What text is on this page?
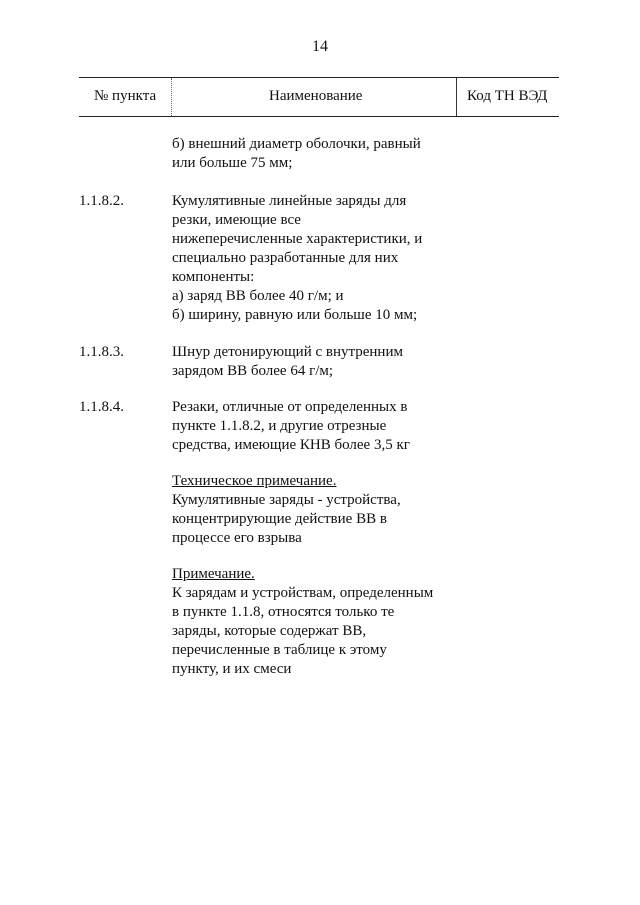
14
№ пункта	Наименование	Код ТН ВЭД
б) внешний диаметр оболочки, равный
или больше 75 мм;
1.1.8.2.	Кумулятивные линейные заряды для
резки, имеющие все
нижеперечисленные характеристики, и
специально разработанные для них
компоненты:
а) заряд ВВ более 40 г/м; и
б) ширину, равную или больше 10 мм;
1.1.8.3.	Шнур детонирующий с внутренним
зарядом ВВ более 64 г/м;
1.1.8.4.	Резаки, отличные от определенных в
пункте 1.1.8.2, и другие отрезные
средства, имеющие КНВ более 3,5 кг
Техническое примечание.
Кумулятивные заряды - устройства,
концентрирующие действие ВВ в
процессе его взрыва
Примечание.
К зарядам и устройствам, определенным
в пункте 1.1.8, относятся только те
заряды, которые содержат ВВ,
перечисленные в таблице к этому
пункту, и их смеси
